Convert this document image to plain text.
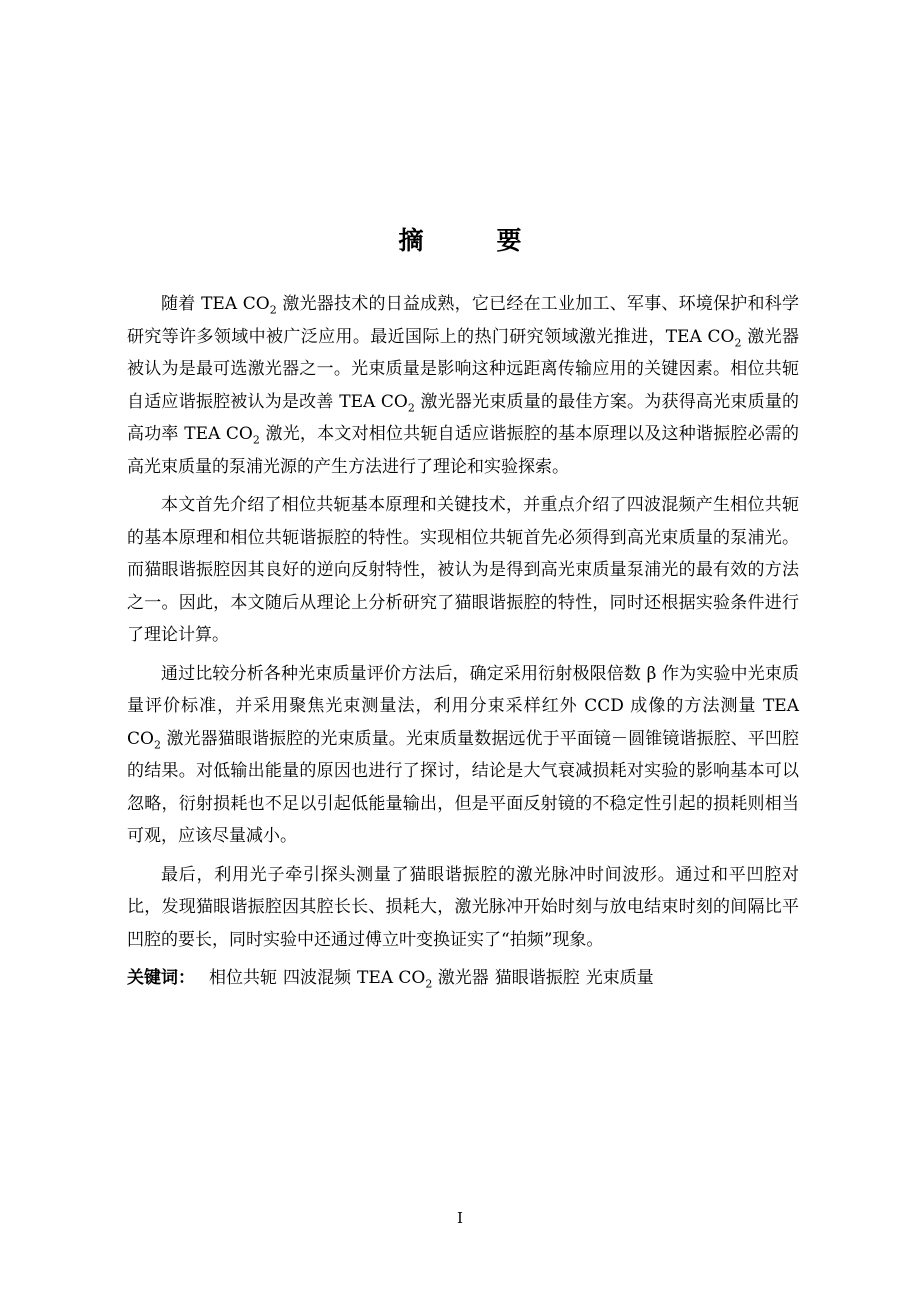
摘　要

随着 TEA $CO_2$ 激光器技术的日益成熟，它已经在工业加工、军事、环境保护和科学研究等许多领域中被广泛应用。最近国际上的热门研究领域激光推进，TEA $CO_2$ 激光器被认为是最可选激光器之一。光束质量是影响这种远距离传输应用的关键因素。相位共轭自适应谐振腔被认为是改善 TEA $CO_2$ 激光器光束质量的最佳方案。为获得高光束质量的高功率 TEA $CO_2$ 激光，本文对相位共轭自适应谐振腔的基本原理以及这种谐振腔必需的高光束质量的泵浦光源的产生方法进行了理论和实验探索。

本文首先介绍了相位共轭基本原理和关键技术，并重点介绍了四波混频产生相位共轭的基本原理和相位共轭谐振腔的特性。实现相位共轭首先必须得到高光束质量的泵浦光。而猫眼谐振腔因其良好的逆向反射特性，被认为是得到高光束质量泵浦光的最有效的方法之一。因此，本文随后从理论上分析研究了猫眼谐振腔的特性，同时还根据实验条件进行了理论计算。

通过比较分析各种光束质量评价方法后，确定采用衍射极限倍数 β 作为实验中光束质量评价标准，并采用聚焦光束测量法，利用分束采样红外 CCD 成像的方法测量 TEA $CO_2$ 激光器猫眼谐振腔的光束质量。光束质量数据远优于平面镜－圆锥镜谐振腔、平凹腔的结果。对低输出能量的原因也进行了探讨，结论是大气衰减损耗对实验的影响基本可以忽略，衍射损耗也不足以引起低能量输出，但是平面反射镜的不稳定性引起的损耗则相当可观，应该尽量减小。

最后，利用光子牵引探头测量了猫眼谐振腔的激光脉冲时间波形。通过和平凹腔对比，发现猫眼谐振腔因其腔长长、损耗大，激光脉冲开始时刻与放电结束时刻的间隔比平凹腔的要长，同时实验中还通过傅立叶变换证实了“拍频”现象。

关键词： 相位共轭 四波混频 TEA $CO_2$ 激光器 猫眼谐振腔 光束质量

I
